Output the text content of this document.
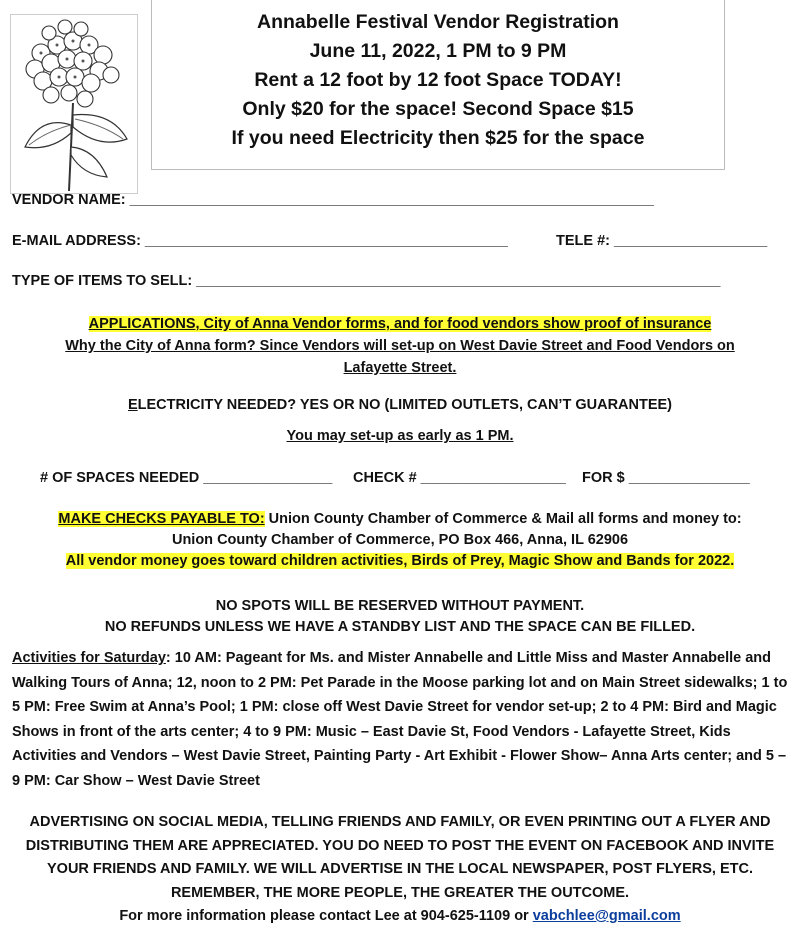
Annabelle Festival Vendor Registration
June 11, 2022, 1 PM to 9 PM
Rent a 12 foot by 12 foot Space TODAY!
Only $20 for the space! Second Space $15
If you need Electricity then $25 for the space
VENDOR NAME: _________________________________________________________________
E-MAIL ADDRESS: _____________________________________________	TELE #: ___________________
TYPE OF ITEMS TO SELL: _________________________________________________________________
APPLICATIONS, City of Anna Vendor forms, and for food vendors show proof of insurance
Why the City of Anna form? Since Vendors will set-up on West Davie Street and Food Vendors on
Lafayette Street.
ELECTRICITY NEEDED? YES OR NO (LIMITED OUTLETS, CAN’T GUARANTEE)
You may set-up as early as 1 PM.
# OF SPACES NEEDED ________________ CHECK # __________________ FOR $ _______________
MAKE CHECKS PAYABLE TO: Union County Chamber of Commerce & Mail all forms and money to:
Union County Chamber of Commerce, PO Box 466, Anna, IL 62906
All vendor money goes toward children activities, Birds of Prey, Magic Show and Bands for 2022.
NO SPOTS WILL BE RESERVED WITHOUT PAYMENT.
NO REFUNDS UNLESS WE HAVE A STANDBY LIST AND THE SPACE CAN BE FILLED.
Activities for Saturday: 10 AM: Pageant for Ms. and Mister Annabelle and Little Miss and Master Annabelle and Walking Tours of Anna; 12, noon to 2 PM: Pet Parade in the Moose parking lot and on Main Street sidewalks; 1 to 5 PM: Free Swim at Anna’s Pool; 1 PM: close off West Davie Street for vendor set-up; 2 to 4 PM: Bird and Magic Shows in front of the arts center; 4 to 9 PM: Music – East Davie St, Food Vendors - Lafayette Street, Kids Activities and Vendors – West Davie Street, Painting Party - Art Exhibit - Flower Show– Anna Arts center; and 5 – 9 PM: Car Show – West Davie Street
ADVERTISING ON SOCIAL MEDIA, TELLING FRIENDS AND FAMILY, OR EVEN PRINTING OUT A FLYER AND DISTRIBUTING THEM ARE APPRECIATED. YOU DO NEED TO POST THE EVENT ON FACEBOOK AND INVITE YOUR FRIENDS AND FAMILY. WE WILL ADVERTISE IN THE LOCAL NEWSPAPER, POST FLYERS, ETC. REMEMBER, THE MORE PEOPLE, THE GREATER THE OUTCOME.
For more information please contact Lee at 904-625-1109 or vabchlee@gmail.com
